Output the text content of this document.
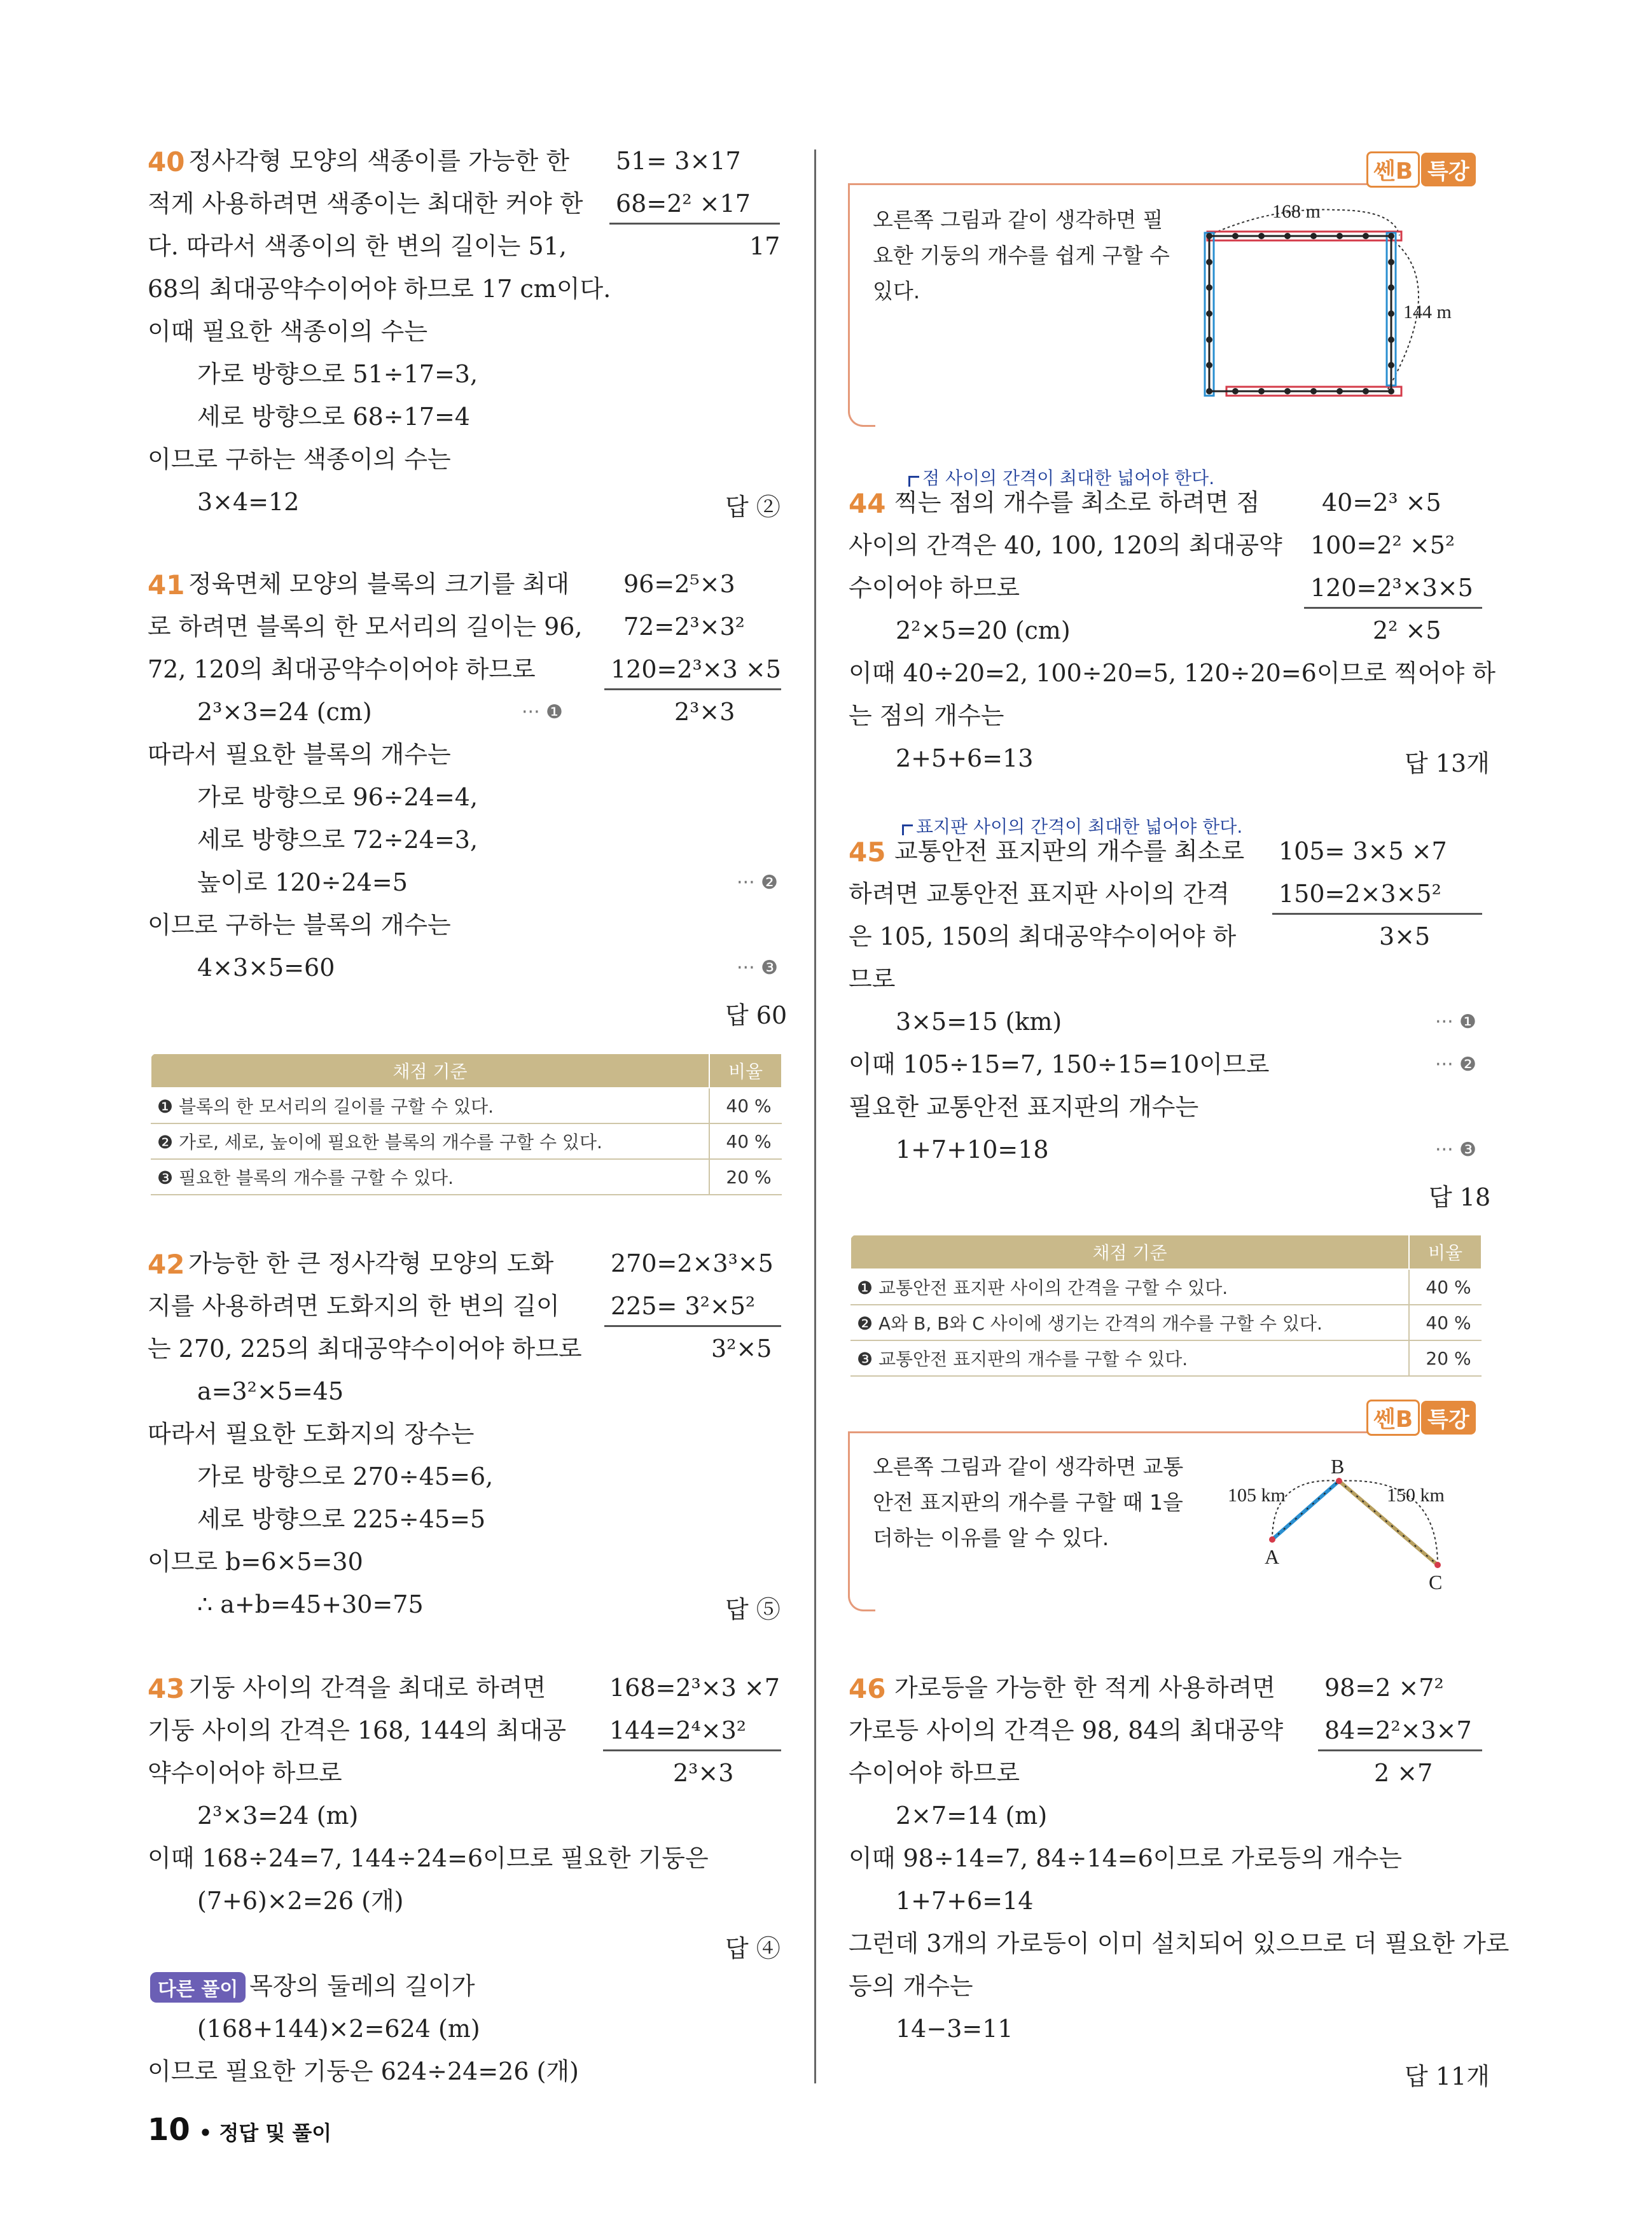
40 정사각형 모양의 색종이를 가능한 한
적게 사용하려면 색종이는 최대한 커야 한
다. 따라서 색종이의 한 변의 길이는 51,
68의 최대공약수이어야 하므로 17 cm이다.
이때 필요한 색종이의 수는
가로 방향으로 51÷17=3,
세로 방향으로 68÷17=4
이므로 구하는 색종이의 수는
3×4=12
51= 3×17
68=2² ×17
17
답 ②
41 정육면체 모양의 블록의 크기를 최대
로 하려면 블록의 한 모서리의 길이는 96,
72, 120의 최대공약수이어야 하므로
2³×3=24 (cm)
따라서 필요한 블록의 개수는
가로 방향으로 96÷24=4,
세로 방향으로 72÷24=3,
높이로 120÷24=5
이므로 구하는 블록의 개수는
4×3×5=60
··· ❶
··· ❷
··· ❸
96=2⁵×3
72=2³×3²
120=2³×3 ×5
2³×3
답 60
채점 기준	비율
❶ 블록의 한 모서리의 길이를 구할 수 있다.	40 %
❷ 가로, 세로, 높이에 필요한 블록의 개수를 구할 수 있다.	40 %
❸ 필요한 블록의 개수를 구할 수 있다.	20 %
42 가능한 한 큰 정사각형 모양의 도화
지를 사용하려면 도화지의 한 변의 길이
는 270, 225의 최대공약수이어야 하므로
a=3²×5=45
따라서 필요한 도화지의 장수는
가로 방향으로 270÷45=6,
세로 방향으로 225÷45=5
이므로 b=6×5=30
∴ a+b=45+30=75
270=2×3³×5
225= 3²×5²
3²×5
답 ⑤
43 기둥 사이의 간격을 최대로 하려면
기둥 사이의 간격은 168, 144의 최대공
약수이어야 하므로
2³×3=24 (m)
이때 168÷24=7, 144÷24=6이므로 필요한 기둥은
(7+6)×2=26 (개)
168=2³×3 ×7
144=2⁴×3²
2³×3
답 ④
다른 풀이 목장의 둘레의 길이가
(168+144)×2=624 (m)
이므로 필요한 기둥은 624÷24=26 (개)
10 • 정답 및 풀이
쎈B 특강
오른쪽 그림과 같이 생각하면 필
요한 기둥의 개수를 쉽게 구할 수
있다.
168 m
144 m
점 사이의 간격이 최대한 넓어야 한다.
44 찍는 점의 개수를 최소로 하려면 점
사이의 간격은 40, 100, 120의 최대공약
수이어야 하므로
2²×5=20 (cm)
이때 40÷20=2, 100÷20=5, 120÷20=6이므로 찍어야 하
는 점의 개수는
2+5+6=13
40=2³ ×5
100=2² ×5²
120=2³×3×5
2² ×5
답 13개
표지판 사이의 간격이 최대한 넓어야 한다.
45 교통안전 표지판의 개수를 최소로
하려면 교통안전 표지판 사이의 간격
은 105, 150의 최대공약수이어야 하
므로
3×5=15 (km)
이때 105÷15=7, 150÷15=10이므로
필요한 교통안전 표지판의 개수는
1+7+10=18
··· ❶
··· ❷
··· ❸
105= 3×5 ×7
150=2×3×5²
3×5
답 18
채점 기준	비율
❶ 교통안전 표지판 사이의 간격을 구할 수 있다.	40 %
❷ A와 B, B와 C 사이에 생기는 간격의 개수를 구할 수 있다.	40 %
❸ 교통안전 표지판의 개수를 구할 수 있다.	20 %
쎈B 특강
오른쪽 그림과 같이 생각하면 교통
안전 표지판의 개수를 구할 때 1을
더하는 이유를 알 수 있다.
105 km	150 km
A
B
C
46 가로등을 가능한 한 적게 사용하려면
가로등 사이의 간격은 98, 84의 최대공약
수이어야 하므로
2×7=14 (m)
이때 98÷14=7, 84÷14=6이므로 가로등의 개수는
1+7+6=14
그런데 3개의 가로등이 이미 설치되어 있으므로 더 필요한 가로
등의 개수는
14−3=11
98=2 ×7²
84=2²×3×7
2 ×7
답 11개
